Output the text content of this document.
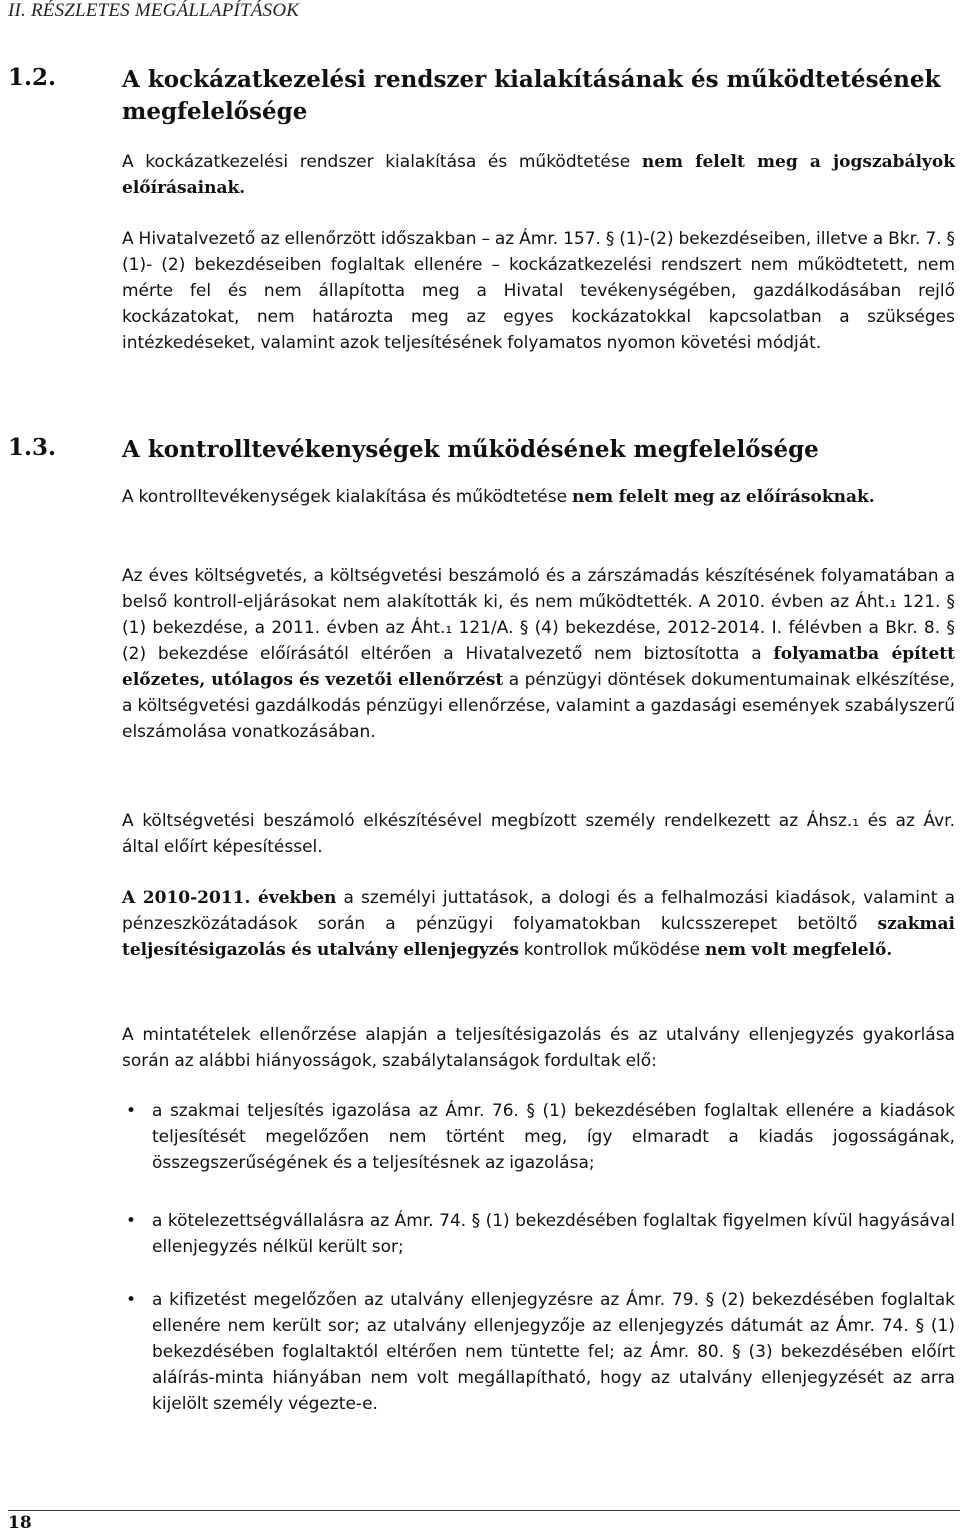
II. RÉSZLETES MEGÁLLAPÍTÁSOK
1.2.	A kockázatkezelési rendszer kialakításának és működtetésének megfelelősége
A kockázatkezelési rendszer kialakítása és működtetése nem felelt meg a jogszabályok előírásainak.
A Hivatalvezető az ellenőrzött időszakban – az Ámr. 157. § (1)-(2) bekezdéseiben, illetve a Bkr. 7. § (1)- (2) bekezdéseiben foglaltak ellenére – kockázatkezelési rendszert nem működtetett, nem mérte fel és nem állapította meg a Hivatal tevékenységében, gazdálkodásában rejlő kockázatokat, nem határozta meg az egyes kockázatokkal kapcsolatban a szükséges intézkedéseket, valamint azok teljesítésének folyamatos nyomon követési módját.
1.3.	A kontrolltevékenységek működésének megfelelősége
A kontrolltevékenységek kialakítása és működtetése nem felelt meg az előírásoknak.
Az éves költségvetés, a költségvetési beszámoló és a zárszámadás készítésének folyamatában a belső kontroll-eljárásokat nem alakították ki, és nem működtették. A 2010. évben az Áht.₁ 121. § (1) bekezdése, a 2011. évben az Áht.₁ 121/A. § (4) bekezdése, 2012-2014. I. félévben a Bkr. 8. § (2) bekezdése előírásától eltérően a Hivatalvezető nem biztosította a folyamatba épített előzetes, utólagos és vezetői ellenőrzést a pénzügyi döntések dokumentumainak elkészítése, a költségvetési gazdálkodás pénzügyi ellenőrzése, valamint a gazdasági események szabályszerű elszámolása vonatkozásában.
A költségvetési beszámoló elkészítésével megbízott személy rendelkezett az Áhsz.₁ és az Ávr. által előírt képesítéssel.
A 2010-2011. években a személyi juttatások, a dologi és a felhalmozási kiadások, valamint a pénzeszközátadások során a pénzügyi folyamatokban kulcsszerepet betöltő szakmai teljesítésigazolás és utalvány ellenjegyzés kontrollok működése nem volt megfelelő.
A mintatételek ellenőrzése alapján a teljesítésigazolás és az utalvány ellenjegyzés gyakorlása során az alábbi hiányosságok, szabálytalanságok fordultak elő:
• a szakmai teljesítés igazolása az Ámr. 76. § (1) bekezdésében foglaltak ellenére a kiadások teljesítését megelőzően nem történt meg, így elmaradt a kiadás jogosságának, összegszerűségének és a teljesítésnek az igazolása;
• a kötelezettségvállalásra az Ámr. 74. § (1) bekezdésében foglaltak figyelmen kívül hagyásával ellenjegyzés nélkül került sor;
• a kifizetést megelőzően az utalvány ellenjegyzésre az Ámr. 79. § (2) bekezdésében foglaltak ellenére nem került sor; az utalvány ellenjegyzője az ellenjegyzés dátumát az Ámr. 74. § (1) bekezdésében foglaltaktól eltérően nem tüntette fel; az Ámr. 80. § (3) bekezdésében előírt aláírás-minta hiányában nem volt megállapítható, hogy az utalvány ellenjegyzését az arra kijelölt személy végezte-e.
18
